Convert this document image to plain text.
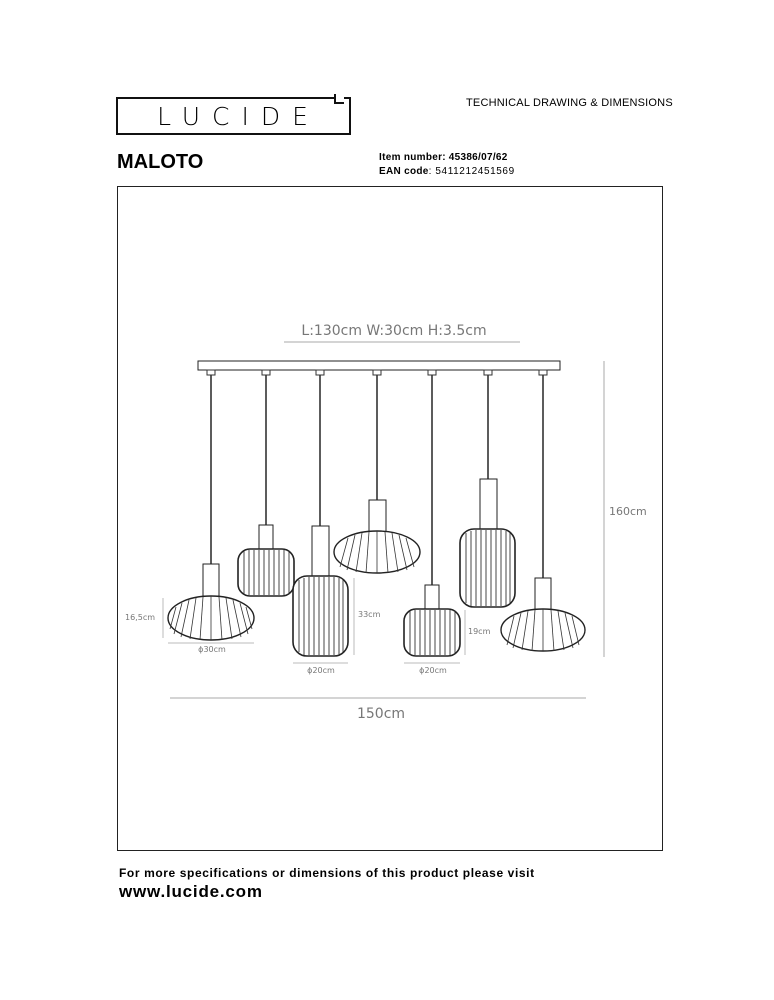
LUCIDE	TECHNICAL DRAWING & DIMENSIONS
MALOTO	Item number: 45386/07/62
EAN code: 5411212451569
L:130cm W:30cm H:3.5cm
160cm
16,5cm
ϕ30cm
33cm
ϕ20cm
19cm
ϕ20cm
150cm
For more specifications or dimensions of this product please visit
www.lucide.com
